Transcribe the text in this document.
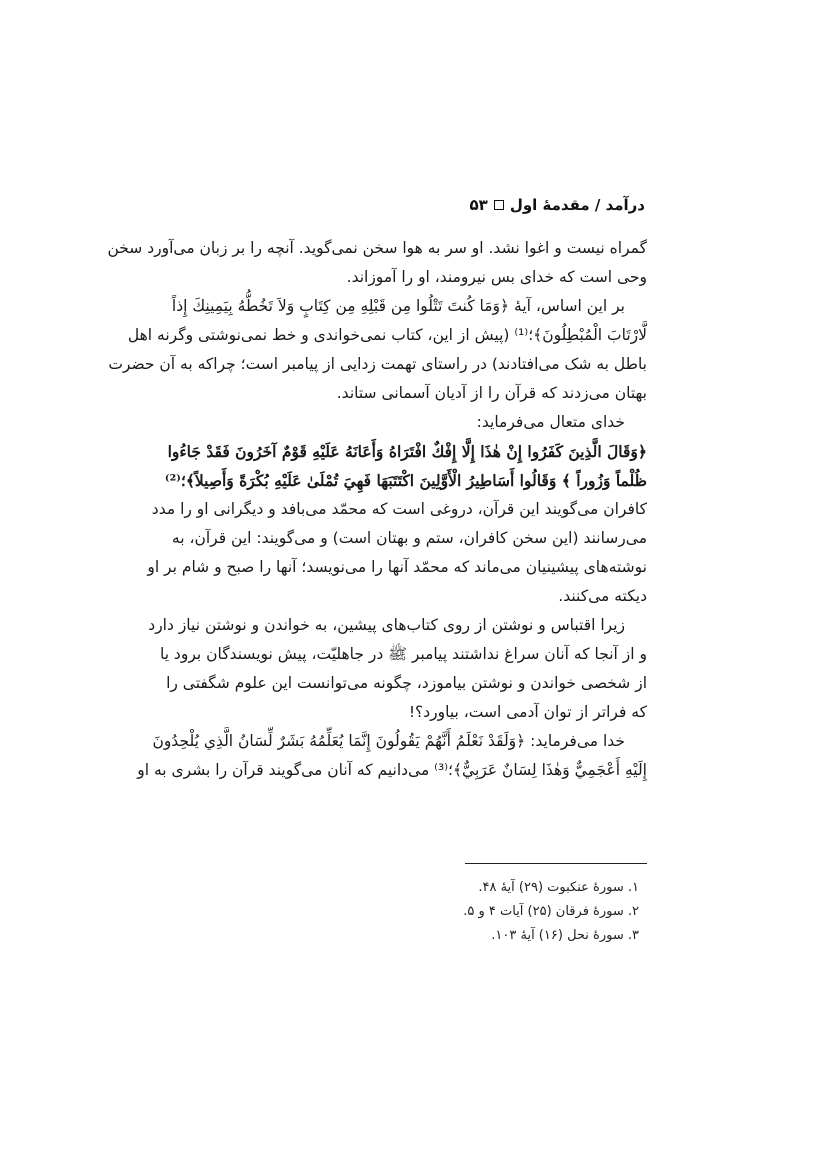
درآمد / مقدمهٔ اول
۵۳
گمراه نیست و اغوا نشد. او سر به هوا سخن نمی‌گوید. آنچه را بر زبان می‌آورد سخن
وحی است که خدای بس نیرومند، او را آموزاند.
بر این اساس، آیهٔ ﴿وَمَا كُنتَ تَتْلُوا مِن قَبْلِهِ مِن كِتَابٍ وَلاَ تَخُطُّهُ بِيَمِينِكَ إِذاً
لَّارْتَابَ الْمُبْطِلُونَ﴾؛⁽¹⁾ (پیش از این، کتاب نمی‌خواندی و خط نمی‌نوشتی وگرنه اهل
باطل به شک می‌افتادند) در راستای تهمت زدایی از پیامبر است؛ چراکه به آن حضرت
بهتان می‌زدند که قرآن را از آدیان آسمانی ستاند.
خدای متعال می‌فرماید:
﴿وَقَالَ الَّذِينَ كَفَرُوا إِنْ هٰذَا إِلَّا إِفْكٌ افْتَرَاهُ وَأَعَانَهُ عَلَيْهِ قَوْمٌ آخَرُونَ فَقَدْ جَاءُوا
ظُلْماً وَزُوراً ﴾ وَقَالُوا أَسَاطِيرُ الْأَوَّلِينَ اكْتَتَبَهَا فَهِيَ تُمْلَىٰ عَلَيْهِ بُكْرَةً وَأَصِيلاً﴾؛⁽²⁾
کافران می‌گویند این قرآن، دروغی است که محمّد می‌بافد و دیگرانی او را مدد
می‌رسانند (این سخن کافران، ستم و بهتان است) و می‌گویند: این قرآن، به
نوشته‌های پیشینیان می‌ماند که محمّد آنها را می‌نویسد؛ آنها را صبح و شام بر او
دیکته می‌کنند.
زیرا اقتباس و نوشتن از روی کتاب‌های پیشین، به خواندن و نوشتن نیاز دارد
و از آنجا که آنان سراغ نداشتند پیامبر ﷺ در جاهلیّت، پیش نویسندگان برود یا
از شخصی خواندن و نوشتن بیاموزد، چگونه می‌توانست این علوم شگفتی را
که فراتر از توان آدمی است، بیاورد؟!
خدا می‌فرماید: ﴿وَلَقَدْ نَعْلَمُ أَنَّهُمْ يَقُولُونَ إِنَّمَا يُعَلِّمُهُ بَشَرٌ لِّسَانُ الَّذِي يُلْحِدُونَ
إِلَيْهِ أَعْجَمِيٌّ وَهٰذَا لِسَانٌ عَرَبِيٌّ﴾؛⁽³⁾ می‌دانیم که آنان می‌گویند قرآن را بشری به او
۱. سورهٔ عنکبوت (۲۹) آیهٔ ۴۸.
۲. سورهٔ فرقان (۲۵) آیات ۴ و ۵.
۳. سورهٔ نحل (۱۶) آیهٔ ۱۰۳.
